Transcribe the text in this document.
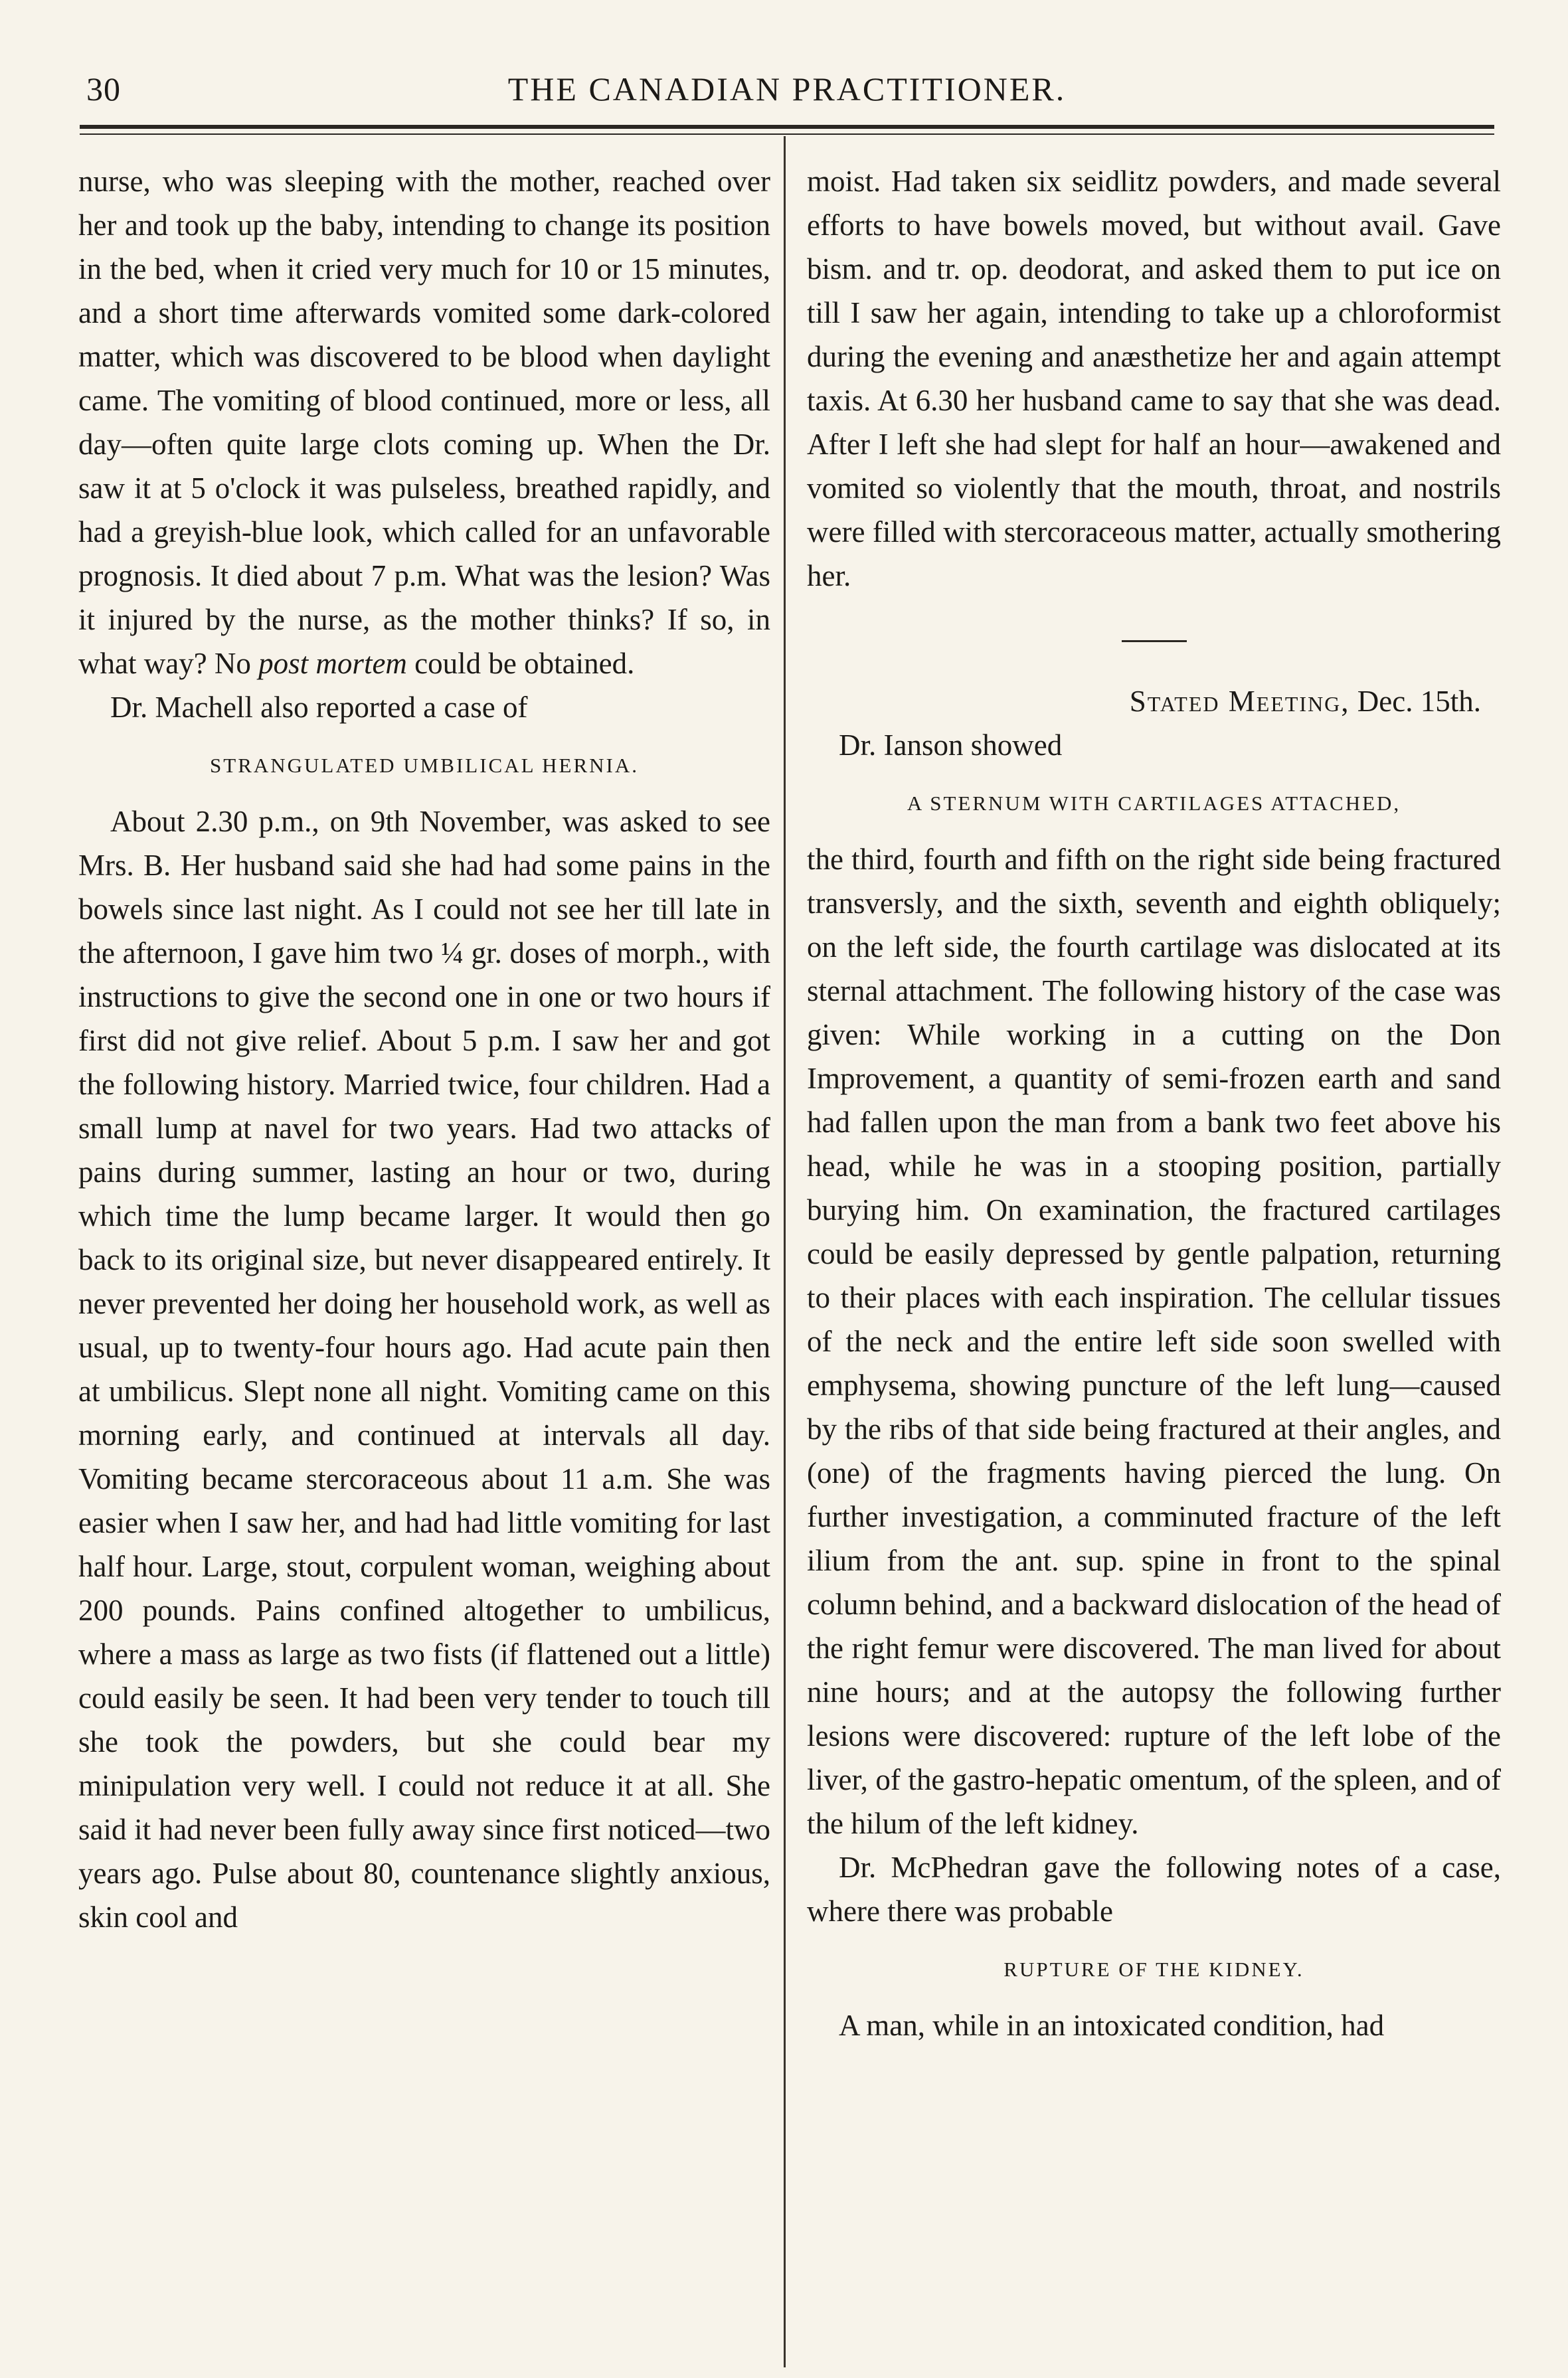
30	THE CANADIAN PRACTITIONER.

nurse, who was sleeping with the mother, reached over her and took up the baby, intending to change its position in the bed, when it cried very much for 10 or 15 minutes, and a short time afterwards vomited some dark-colored matter, which was discovered to be blood when daylight came. The vomiting of blood continued, more or less, all day—often quite large clots coming up. When the Dr. saw it at 5 o'clock it was pulseless, breathed rapidly, and had a greyish-blue look, which called for an unfavorable prognosis. It died about 7 p.m. What was the lesion? Was it injured by the nurse, as the mother thinks? If so, in what way? No post mortem could be obtained.

Dr. Machell also reported a case of

STRANGULATED UMBILICAL HERNIA.

About 2.30 p.m., on 9th November, was asked to see Mrs. B. Her husband said she had had some pains in the bowels since last night. As I could not see her till late in the afternoon, I gave him two ¼ gr. doses of morph., with instructions to give the second one in one or two hours if first did not give relief. About 5 p.m. I saw her and got the following history. Married twice, four children. Had a small lump at navel for two years. Had two attacks of pains during summer, lasting an hour or two, during which time the lump became larger. It would then go back to its original size, but never disappeared entirely. It never prevented her doing her household work, as well as usual, up to twenty-four hours ago. Had acute pain then at umbilicus. Slept none all night. Vomiting came on this morning early, and continued at intervals all day. Vomiting became stercoraceous about 11 a.m. She was easier when I saw her, and had had little vomiting for last half hour. Large, stout, corpulent woman, weighing about 200 pounds. Pains confined altogether to umbilicus, where a mass as large as two fists (if flattened out a little) could easily be seen. It had been very tender to touch till she took the powders, but she could bear my minipulation very well. I could not reduce it at all. She said it had never been fully away since first noticed—two years ago. Pulse about 80, countenance slightly anxious, skin cool and

moist. Had taken six seidlitz powders, and made several efforts to have bowels moved, but without avail. Gave bism. and tr. op. deodorat, and asked them to put ice on till I saw her again, intending to take up a chloroformist during the evening and anæsthetize her and again attempt taxis. At 6.30 her husband came to say that she was dead. After I left she had slept for half an hour—awakened and vomited so violently that the mouth, throat, and nostrils were filled with stercoraceous matter, actually smothering her.

Stated Meeting, Dec. 15th.

Dr. Ianson showed

A STERNUM WITH CARTILAGES ATTACHED,

the third, fourth and fifth on the right side being fractured transversly, and the sixth, seventh and eighth obliquely; on the left side, the fourth cartilage was dislocated at its sternal attachment. The following history of the case was given: While working in a cutting on the Don Improvement, a quantity of semi-frozen earth and sand had fallen upon the man from a bank two feet above his head, while he was in a stooping position, partially burying him. On examination, the fractured cartilages could be easily depressed by gentle palpation, returning to their places with each inspiration. The cellular tissues of the neck and the entire left side soon swelled with emphysema, showing puncture of the left lung—caused by the ribs of that side being fractured at their angles, and (one) of the fragments having pierced the lung. On further investigation, a comminuted fracture of the left ilium from the ant. sup. spine in front to the spinal column behind, and a backward dislocation of the head of the right femur were discovered. The man lived for about nine hours; and at the autopsy the following further lesions were discovered: rupture of the left lobe of the liver, of the gastro-hepatic omentum, of the spleen, and of the hilum of the left kidney.

Dr. McPhedran gave the following notes of a case, where there was probable

RUPTURE OF THE KIDNEY.

A man, while in an intoxicated condition, had
